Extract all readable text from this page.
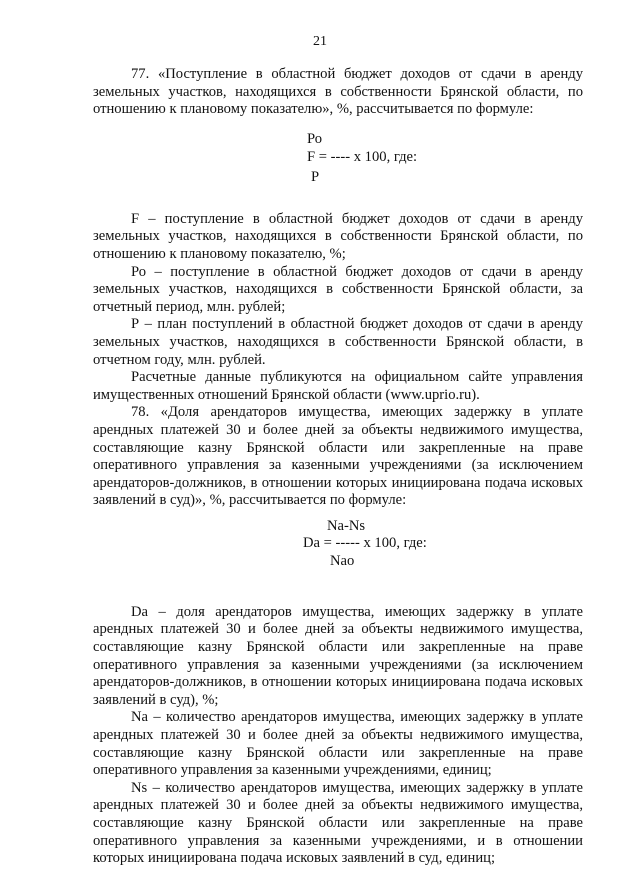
21

77. «Поступление в областной бюджет доходов от сдачи в аренду земельных участков, находящихся в собственности Брянской области, по отношению к плановому показателю», %, рассчитывается по формуле:

Ро
F = ---- x 100, где:
Р

F – поступление в областной бюджет доходов от сдачи в аренду земельных участков, находящихся в собственности Брянской области, по отношению к плановому показателю, %;

Ро – поступление в областной бюджет доходов от сдачи в аренду земельных участков, находящихся в собственности Брянской области, за отчетный период, млн. рублей;

Р – план поступлений в областной бюджет доходов от сдачи в аренду земельных участков, находящихся в собственности Брянской области, в отчетном году, млн. рублей.

Расчетные данные публикуются на официальном сайте управления имущественных отношений Брянской области (www.uprio.ru).

78. «Доля арендаторов имущества, имеющих задержку в уплате арендных платежей 30 и более дней за объекты недвижимого имущества, составляющие казну Брянской области или закрепленные на праве оперативного управления за казенными учреждениями (за исключением арендаторов-должников, в отношении которых инициирована подача исковых заявлений в суд)», %, рассчитывается по формуле:

Na-Ns
Da = ----- x 100, где:
Nao

Da – доля арендаторов имущества, имеющих задержку в уплате арендных платежей 30 и более дней за объекты недвижимого имущества, составляющие казну Брянской области или закрепленные на праве оперативного управления за казенными учреждениями (за исключением арендаторов-должников, в отношении которых инициирована подача исковых заявлений в суд), %;

Na – количество арендаторов имущества, имеющих задержку в уплате арендных платежей 30 и более дней за объекты недвижимого имущества, составляющие казну Брянской области или закрепленные на праве оперативного управления за казенными учреждениями, единиц;

Ns – количество арендаторов имущества, имеющих задержку в уплате арендных платежей 30 и более дней за объекты недвижимого имущества, составляющие казну Брянской области или закрепленные на праве оперативного управления за казенными учреждениями, и в отношении которых инициирована подача исковых заявлений в суд, единиц;
